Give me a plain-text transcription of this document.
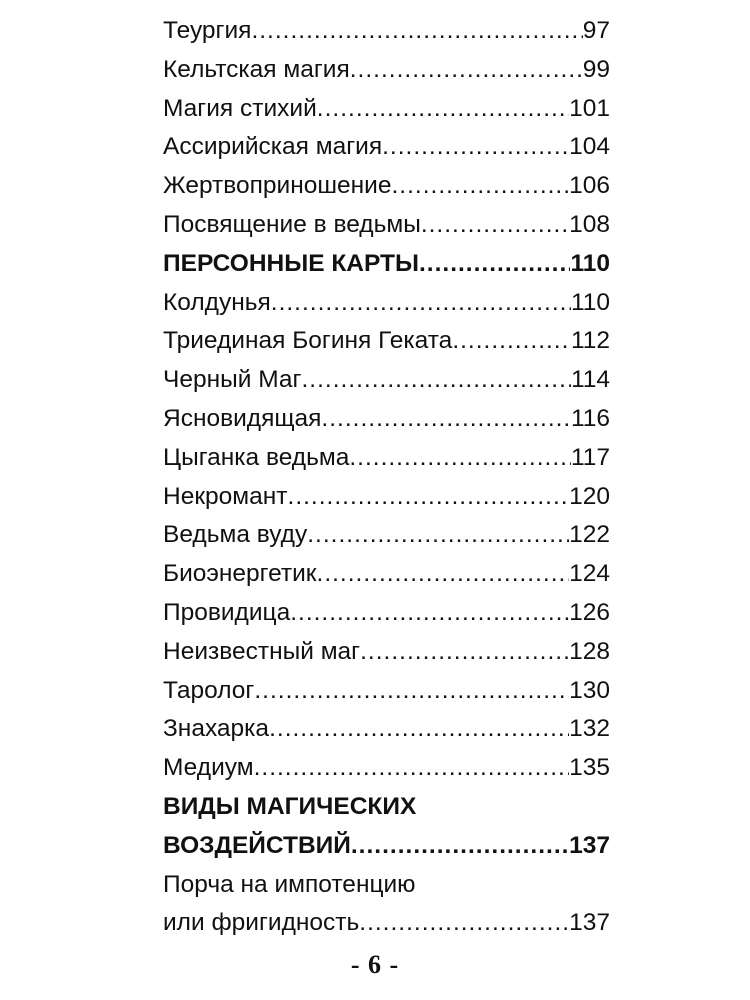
Теургия .....	97
Кельтская магия .....	99
Магия стихий .....	101
Ассирийская магия .....	104
Жертвоприношение .....	106
Посвящение в ведьмы .....	108
ПЕРСОННЫЕ КАРТЫ .....	110
Колдунья .....	110
Триединая Богиня Геката .....	112
Черный Маг .....	114
Ясновидящая .....	116
Цыганка ведьма .....	117
Некромант .....	120
Ведьма вуду .....	122
Биоэнергетик .....	124
Провидица .....	126
Неизвестный маг .....	128
Таролог .....	130
Знахарка .....	132
Медиум .....	135
ВИДЫ МАГИЧЕСКИХ
ВОЗДЕЙСТВИЙ .....	137
Порча на импотенцию
или фригидность .....	137
- 6 -
